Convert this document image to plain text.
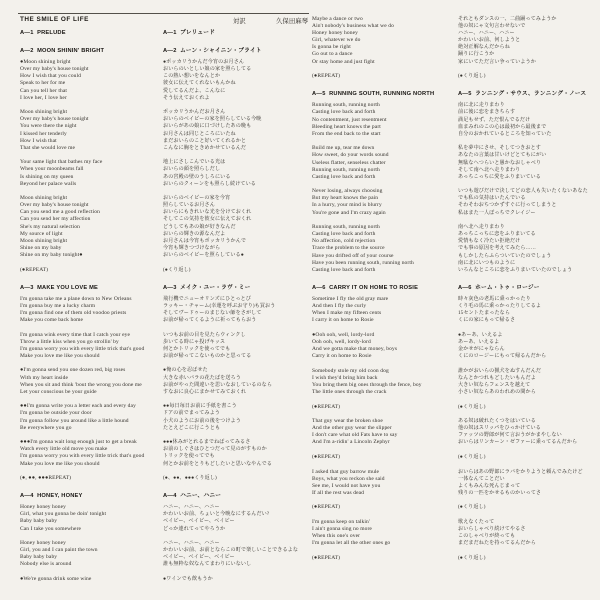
THE SMILE OF LIFE	対訳	久保田麻琴
A—1  PRELUDE
A—2  MOON SHININ' BRIGHT
●Moon shining bright
Over my baby's house tonight
How I wish that you could
Speak to her for me
Can you tell her that
I love her, I love her
Moon shining bright
Over my baby's house tonight
You were there the night
I kissed her tenderly
How I wish that
That she would love me
Your same light that bathes my face
When your moonbeams fall
Is shining on my queen
Beyond her palace walls
Moon shining bright
Over my baby's house tonight
Can you send me a good reflection
Can you send her my affection
She's my natural selection
My source of light
Moon shining bright
Shine on my baby
Shine on my baby tonight●
(●REPEAT)
A—3  MAKE YOU LOVE ME
I'm gonna take me a plane down to New Orleans
I'm gonna buy me a lucky charm
I'm gonna find one of them old voodoo priests
Make you come back home
I'm gonna wink every time that I catch your eye
Throw a little kiss when you go strollin' by
I'm gonna worry you with every little trick that's good
Make you love me like you should
●I'm gonna send you one dozen red, big roses
With my heart inside
When you sit and think 'bout the wrong you done me
Let your conscious be your guide
●●I'm gonna write you a letter each and every day
I'm gonna be outside your door
I'm gonna follow you around like a little hound
Be everywhere you go
●●●I'm gonna wait long enough just to get a break
Watch every little old move you make
I'm gonna worry you with every little trick that's good
Make you love me like you should
(●, ●●, ●●●REPEAT)
A—4  HONEY, HONEY
Honey honey honey
Girl, what you gonna be doin' tonight
Baby baby baby
Can I take you somewhere
Honey honey honey
Girl, you and I can paint the town
Baby baby baby
Nobody else is around
●We're gonna drink some wine
A—1  プレリュード
A—2  ムーン・シャイニン・ブライト
●ポッカリうかんだ今宵のお月さん
おいらのいとしい娘の家を照らしてる
この熱い想いをなんとか
彼女に伝えてくれないもんかね
愛してるんだよ、こんなに
そう伝えておくれよ
ポッカリうかんだお月さん
おいらのベイビーの家を照らしている今晩
おいらがあの娘に口づけしたあの晩も
お月さんは同じところにいたね
まだおいらのこと好いてくれるかと
こんなに胸をときめかせているんだ
地上にさしこんでいる光は
おいらの顔を照らしだし
あの宮殿の壁のうしろにいる
おいらのクィーンをも照らし続けている
おいらのベイビーの家を今宵
照らしているお月さん
おいらにもきれいな光を分けておくれ
そしてこの気持を彼女に伝えておくれ
どうしてもあの娘が好きなんだ
おいらの輝きの源なんだよ
お月さんは今宵もポッカリうかんで
今宵も輝きつづけながら
おいらのベイビーを照らしている●
(●くり返し)
A—3  メイク・ユー・ラヴ・ミー
飛行機でニューオリンズにひとっとび
ラッキー・チャーム(幸運を呼ぶお守り)も買おう
そしてヴードゥーのまじない師をさがして
お前が帰ってくるように祈ってもらおう
いつもお前の目を見たらウィンクし
歩いてる時にゃ投げキッス
何とかトリックを使ってでも
お前が帰ってこないものかと思ってる
●俺の心を忍ばせた
大きな赤いバラの花たばを送ろう
お前がやった間違いを思いなおしているのなら
すなおに良心にまかせてみておくれ
●●毎日毎日お前に手紙を書こう
ドアの前でまってみよう
小犬のようにお前の後をつけよう
たとえどこに行こうとも
●●●休みがとれるまでねばってみるさ
お前のしぐさはひとつだって見のがすものか
トリックを使ってでも
何とかお前をとりもどしたいと思いなやんでる
(●、●●、●●●くり返し)
A—4  ハニー、ハニー
ハニー、ハニー、ハニー
かわいいお前、ちょいと今晩なにするんだい?
ベイビー、ベイビー、ベイビー
どっか連れてってやろうか
ハニー、ハニー、ハニー
かわいいお前、お前とならこの町で楽しいことできるよな
ベイビー、ベイビー、ベイビー
誰も無粋な奴なんてまわりにいないし
●ワインでも飲もうか
Maybe a dance or two
Ain't nobody's business what we do
Honey honey honey
Girl, whatever we do
Is gonna be right
Go out to a dance
Or stay home and just fight
(●REPEAT)
A—5  RUNNING SOUTH, RUNNING NORTH
Running south, running north
Casting love back and forth
No contentment, just resentment
Bleeding heart knows the part
From the end back to the start
Build me up, tear me down
How sweet, do your words sound
Useless flatter, senseless chatter
Running south, running north
Casting love back and forth
Never losing, always choosing
But my heart knows the pain
In a hurry, your mind is blurry
You're gone and I'm crazy again
Running south, running north
Casting love back and forth
No affection, cold rejection
Trace the problem to the source
Have you drifted off of your course
Have you been running south, running north
Casting love back and forth
A—6  CARRY IT ON HOME TO ROSIE
Sometime I fly the old gray mare
And then I fly the curly
When I make my fifteen cents
I carry it on home to Rosie
●Ooh ooh, well, lordy-lord
Ooh ooh, well, lordy-lord
And we gotta make that money, boys
Carry it on home to Rosie
Somebody stole my old coon dog
I wish they'd bring him back
You bring them big ones through the fence, boy
The little ones through the crack
(●REPEAT)
That guy wear the broken shoe
And the other guy wear the slipper
I don't care what old Fats have to say
And I'm a-ridin' a Lincoln Zephyr
(●REPEAT)
I asked that guy barrow mule
Boys, what you reckon she said
See me, I would not have you
If all the rest was dead
(●REPEAT)
I'm gonna keep on talkin'
I ain't gonna sing no more
When this one's over
I'm gonna let all the other ones go
(●REPEAT)
それともダンスの一、二曲踊ってみようか
他の奴にゃ文句言わせないで
ハニー、ハニー、ハニー
かわいいお前、何しようと
絶対正解なんだからね
踊りに行こうか
家にいてただ言い争っていようか
(●くり返し)
A—5  ランニング・サウス、ランニング・ノース
南に北に走りまわり
前に後に恋をまきちらす
満足もせず、ただ恨んでるだけ
血まみれのこの心は最初から最後まで
自分のおかれているところを知っていた
私を夢中にさせ、そしてつきおとす
あなたの言葉は甘いけどとてもにがい
無駄なへつらいと愚かなおしゃべり
そして南へ北へ走りまわり
あっちこっちに愛をふりまいている
いつも遊びだけで決してどの恋人も失いたくないあなた
でも私の気持はいたんでいる
そわそわおちつかずすぐに行ってしまうと
私はまた一人ぼっちでクレイジー
南へ北へ走りまわり
あっちこっちに恋をふりまいてる
愛情もなく冷たい拒絶だけ
でも事の原因を考えてみたら……
もしかしたらふらついていたのでしょう
南に北にいつものように
いろんなところに恋をふりまいていたのでしょう
A—6  ホーム・トゥ・ロージー
時々灰色の老馬に乗っかったり
くり毛の馬に乗っかったりしてるよ
15セントたまったなら
くにの家にもって帰るさ
●あーあ、いえるよ
あーあ、いえるよ
金かせがにゃならん
くにのロージーにもって帰るんだから
誰かがおいらの猟犬をぬすんだんだ
なんとかつれもどしたいもんだよ
大きい奴ならフェンスを越えて
小さい奴ならあのわれめの間から
(●くり返し)
ある奴は破れたくつをはいている
他の奴はスリッパをひっかけている
ファッツの野郎が何て言おうがかまやしない
おいらはリンカーン・ゼファーに乗ってるんだから
(●くり返し)
おいらはあの野郎にラバをかりようと頼んでみたけど
一体なんてことだい
よくもみんな死んじまって
残りの一匹をかせるものかいってさ
(●くり返し)
歌えなくたって
おいらしゃべり続けてやるさ
このしゃべりが終っても
まだまだねたを持ってるんだから
(●くり返し)
